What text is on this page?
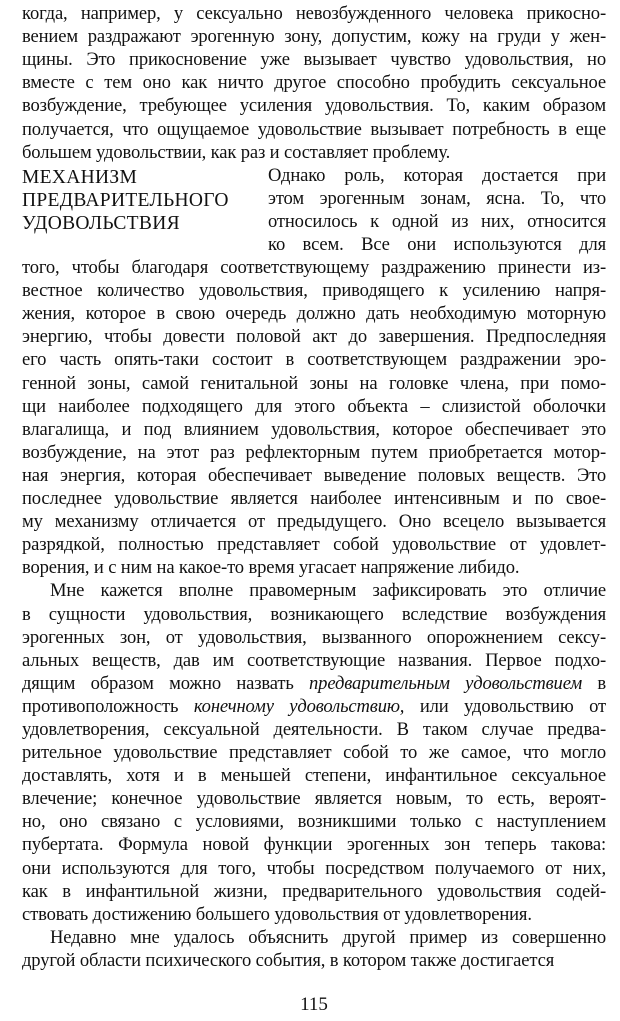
когда, например, у сексуально невозбужденного человека прикосно-
вением раздражают эрогенную зону, допустим, кожу на груди у жен-
щины. Это прикосновение уже вызывает чувство удовольствия, но
вместе с тем оно как ничто другое способно пробудить сексуальное
возбуждение, требующее усиления удовольствия. То, каким образом
получается, что ощущаемое удовольствие вызывает потребность в еще
большем удовольствии, как раз и составляет проблему.
МЕХАНИЗМ
ПРЕДВАРИТЕЛЬНОГО
УДОВОЛЬСТВИЯ
Однако роль, которая достается при
этом эрогенным зонам, ясна. То, что
относилось к одной из них, относится
ко всем. Все они используются для
того, чтобы благодаря соответствующему раздражению принести из-
вестное количество удовольствия, приводящего к усилению напря-
жения, которое в свою очередь должно дать необходимую моторную
энергию, чтобы довести половой акт до завершения. Предпоследняя
его часть опять-таки состоит в соответствующем раздражении эро-
генной зоны, самой генитальной зоны на головке члена, при помо-
щи наиболее подходящего для этого объекта – слизистой оболочки
влагалища, и под влиянием удовольствия, которое обеспечивает это
возбуждение, на этот раз рефлекторным путем приобретается мотор-
ная энергия, которая обеспечивает выведение половых веществ. Это
последнее удовольствие является наиболее интенсивным и по свое-
му механизму отличается от предыдущего. Оно всецело вызывается
разрядкой, полностью представляет собой удовольствие от удовлет-
ворения, и с ним на какое-то время угасает напряжение либидо.
Мне кажется вполне правомерным зафиксировать это отличие
в сущности удовольствия, возникающего вследствие возбуждения
эрогенных зон, от удовольствия, вызванного опорожнением сексу-
альных веществ, дав им соответствующие названия. Первое подхо-
дящим образом можно назвать предварительным удовольствием в
противоположность конечному удовольствию, или удовольствию от
удовлетворения, сексуальной деятельности. В таком случае предва-
рительное удовольствие представляет собой то же самое, что могло
доставлять, хотя и в меньшей степени, инфантильное сексуальное
влечение; конечное удовольствие является новым, то есть, вероят-
но, оно связано с условиями, возникшими только с наступлением
пубертата. Формула новой функции эрогенных зон теперь такова:
они используются для того, чтобы посредством получаемого от них,
как в инфантильной жизни, предварительного удовольствия содей-
ствовать достижению большего удовольствия от удовлетворения.
Недавно мне удалось объяснить другой пример из совершенно
другой области психического события, в котором также достигается
115
